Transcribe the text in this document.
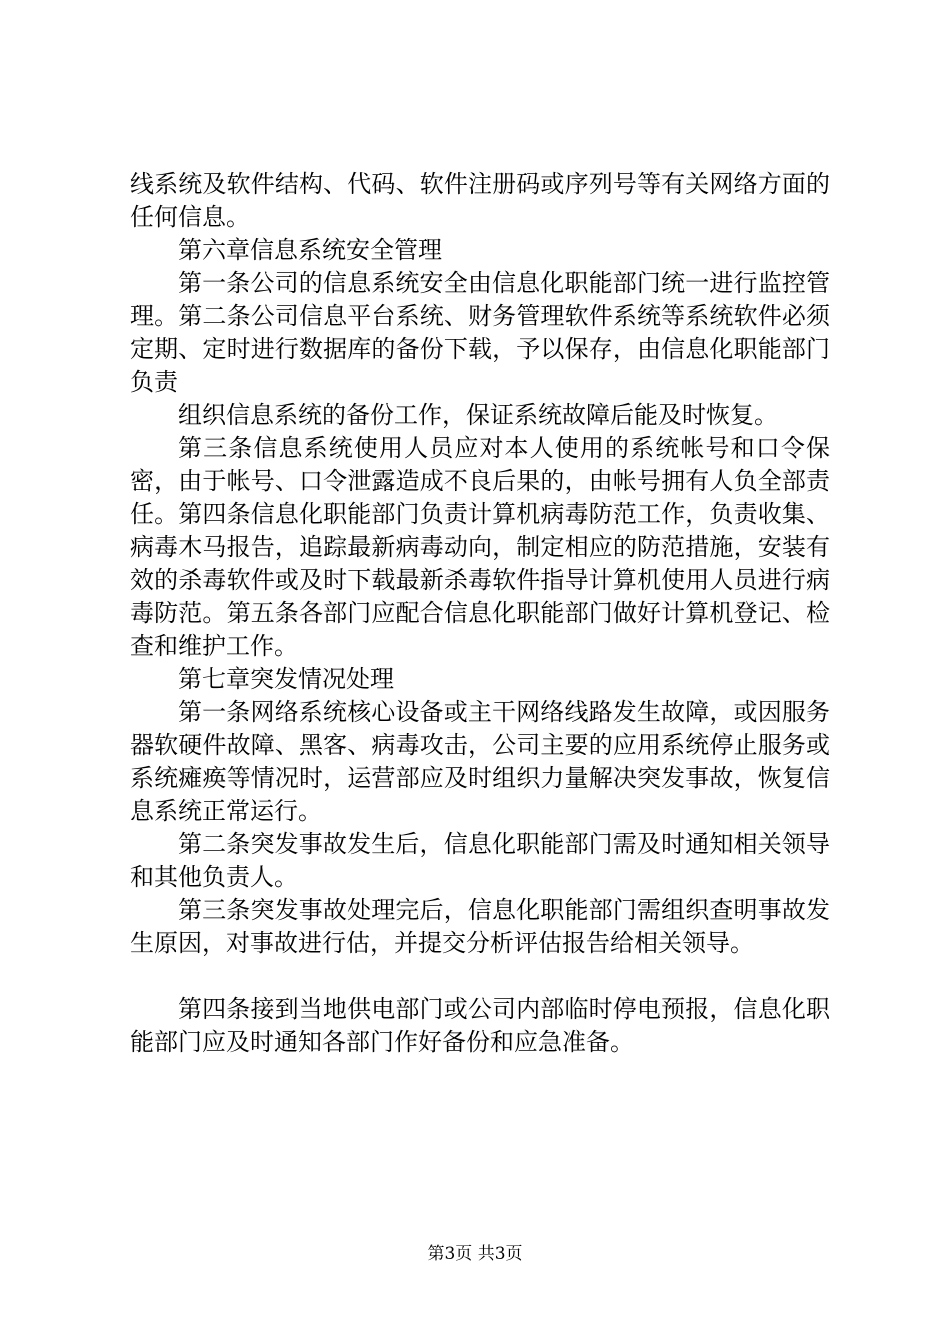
线系统及软件结构、代码、软件注册码或序列号等有关网络方面的任何信息。

第六章信息系统安全管理

第一条公司的信息系统安全由信息化职能部门统一进行监控管理。第二条公司信息平台系统、财务管理软件系统等系统软件必须定期、定时进行数据库的备份下载，予以保存，由信息化职能部门负责

组织信息系统的备份工作，保证系统故障后能及时恢复。

第三条信息系统使用人员应对本人使用的系统帐号和口令保密，由于帐号、口令泄露造成不良后果的，由帐号拥有人负全部责任。第四条信息化职能部门负责计算机病毒防范工作，负责收集、病毒木马报告，追踪最新病毒动向，制定相应的防范措施，安装有效的杀毒软件或及时下载最新杀毒软件指导计算机使用人员进行病毒防范。第五条各部门应配合信息化职能部门做好计算机登记、检查和维护工作。

第七章突发情况处理

第一条网络系统核心设备或主干网络线路发生故障，或因服务器软硬件故障、黑客、病毒攻击，公司主要的应用系统停止服务或系统瘫痪等情况时，运营部应及时组织力量解决突发事故，恢复信息系统正常运行。

第二条突发事故发生后，信息化职能部门需及时通知相关领导和其他负责人。

第三条突发事故处理完后，信息化职能部门需组织查明事故发生原因，对事故进行估，并提交分析评估报告给相关领导。

第四条接到当地供电部门或公司内部临时停电预报，信息化职能部门应及时通知各部门作好备份和应急准备。

第3页 共3页
